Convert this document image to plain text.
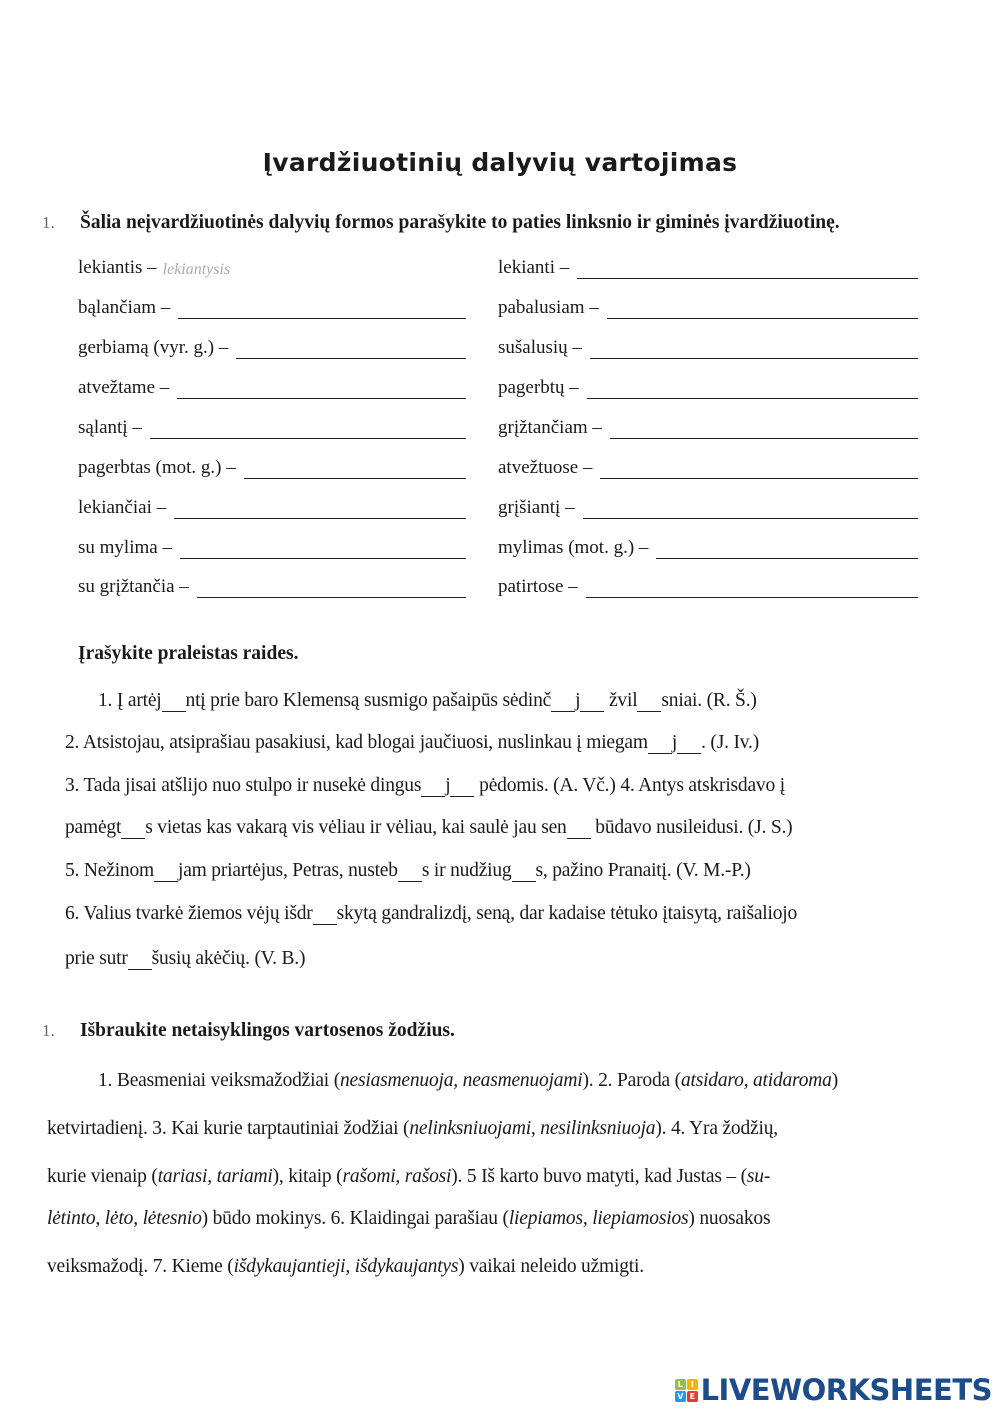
Įvardžiuotinių dalyvių vartojimas
1. Šalia neįvardžiuotinės dalyvių formos parašykite to paties linksnio ir giminės įvardžiuotinę.
lekiantis – lekiantysis
bąlančiam –
gerbiamą (vyr. g.) –
atvežtame –
sąlantį –
pagerbtas (mot. g.) –
lekiančiai –
su mylima –
su grįžtančia –
lekianti –
pabalusiam –
sušalusių –
pagerbtų –
grįžtančiam –
atvežtuose –
grįšiantį –
mylimas (mot. g.) –
patirtose –
Įrašykite praleistas raides.
1. Į artėj ntį prie baro Klemensą susmigo pašaipūs sėdinč j žvil sniai. (R. Š.)
2. Atsistojau, atsiprašiau pasakiusi, kad blogai jaučiuosi, nuslinkau į miegam j . (J. Iv.)
3. Tada jisai atšlijo nuo stulpo ir nusekė dingus j pėdomis. (A. Vč.) 4. Antys atskrisdavo į
pamėgt s vietas kas vakarą vis vėliau ir vėliau, kai saulė jau sen būdavo nusileidusi. (J. S.)
5. Nežinom jam priartėjus, Petras, nusteb s ir nudžiug s, pažino Pranaitį. (V. M.-P.)
6. Valius tvarkė žiemos vėjų išdr skytą gandralizdį, seną, dar kadaise tėtuko įtaisytą, raišaliojo
prie sutr šusių akėčių. (V. B.)
1. Išbraukite netaisyklingos vartosenos žodžius.
1. Beasmeniai veiksmažodžiai (nesiasmenuoja, neasmenuojami). 2. Paroda (atsidaro, atidaroma)
ketvirtadienį. 3. Kai kurie tarptautiniai žodžiai (nelinksniuojami, nesilinksniuoja). 4. Yra žodžių,
kurie vienaip (tariasi, tariami), kitaip (rašomi, rašosi). 5 Iš karto buvo matyti, kad Justas – (su-
lėtinto, lėto, lėtesnio) būdo mokinys. 6. Klaidingai parašiau (liepiamos, liepiamosios) nuosakos
veiksmažodį. 7. Kieme (išdykaujantieji, išdykaujantys) vaikai neleido užmigti.
L	I
V E LIVEWORKSHEETS
